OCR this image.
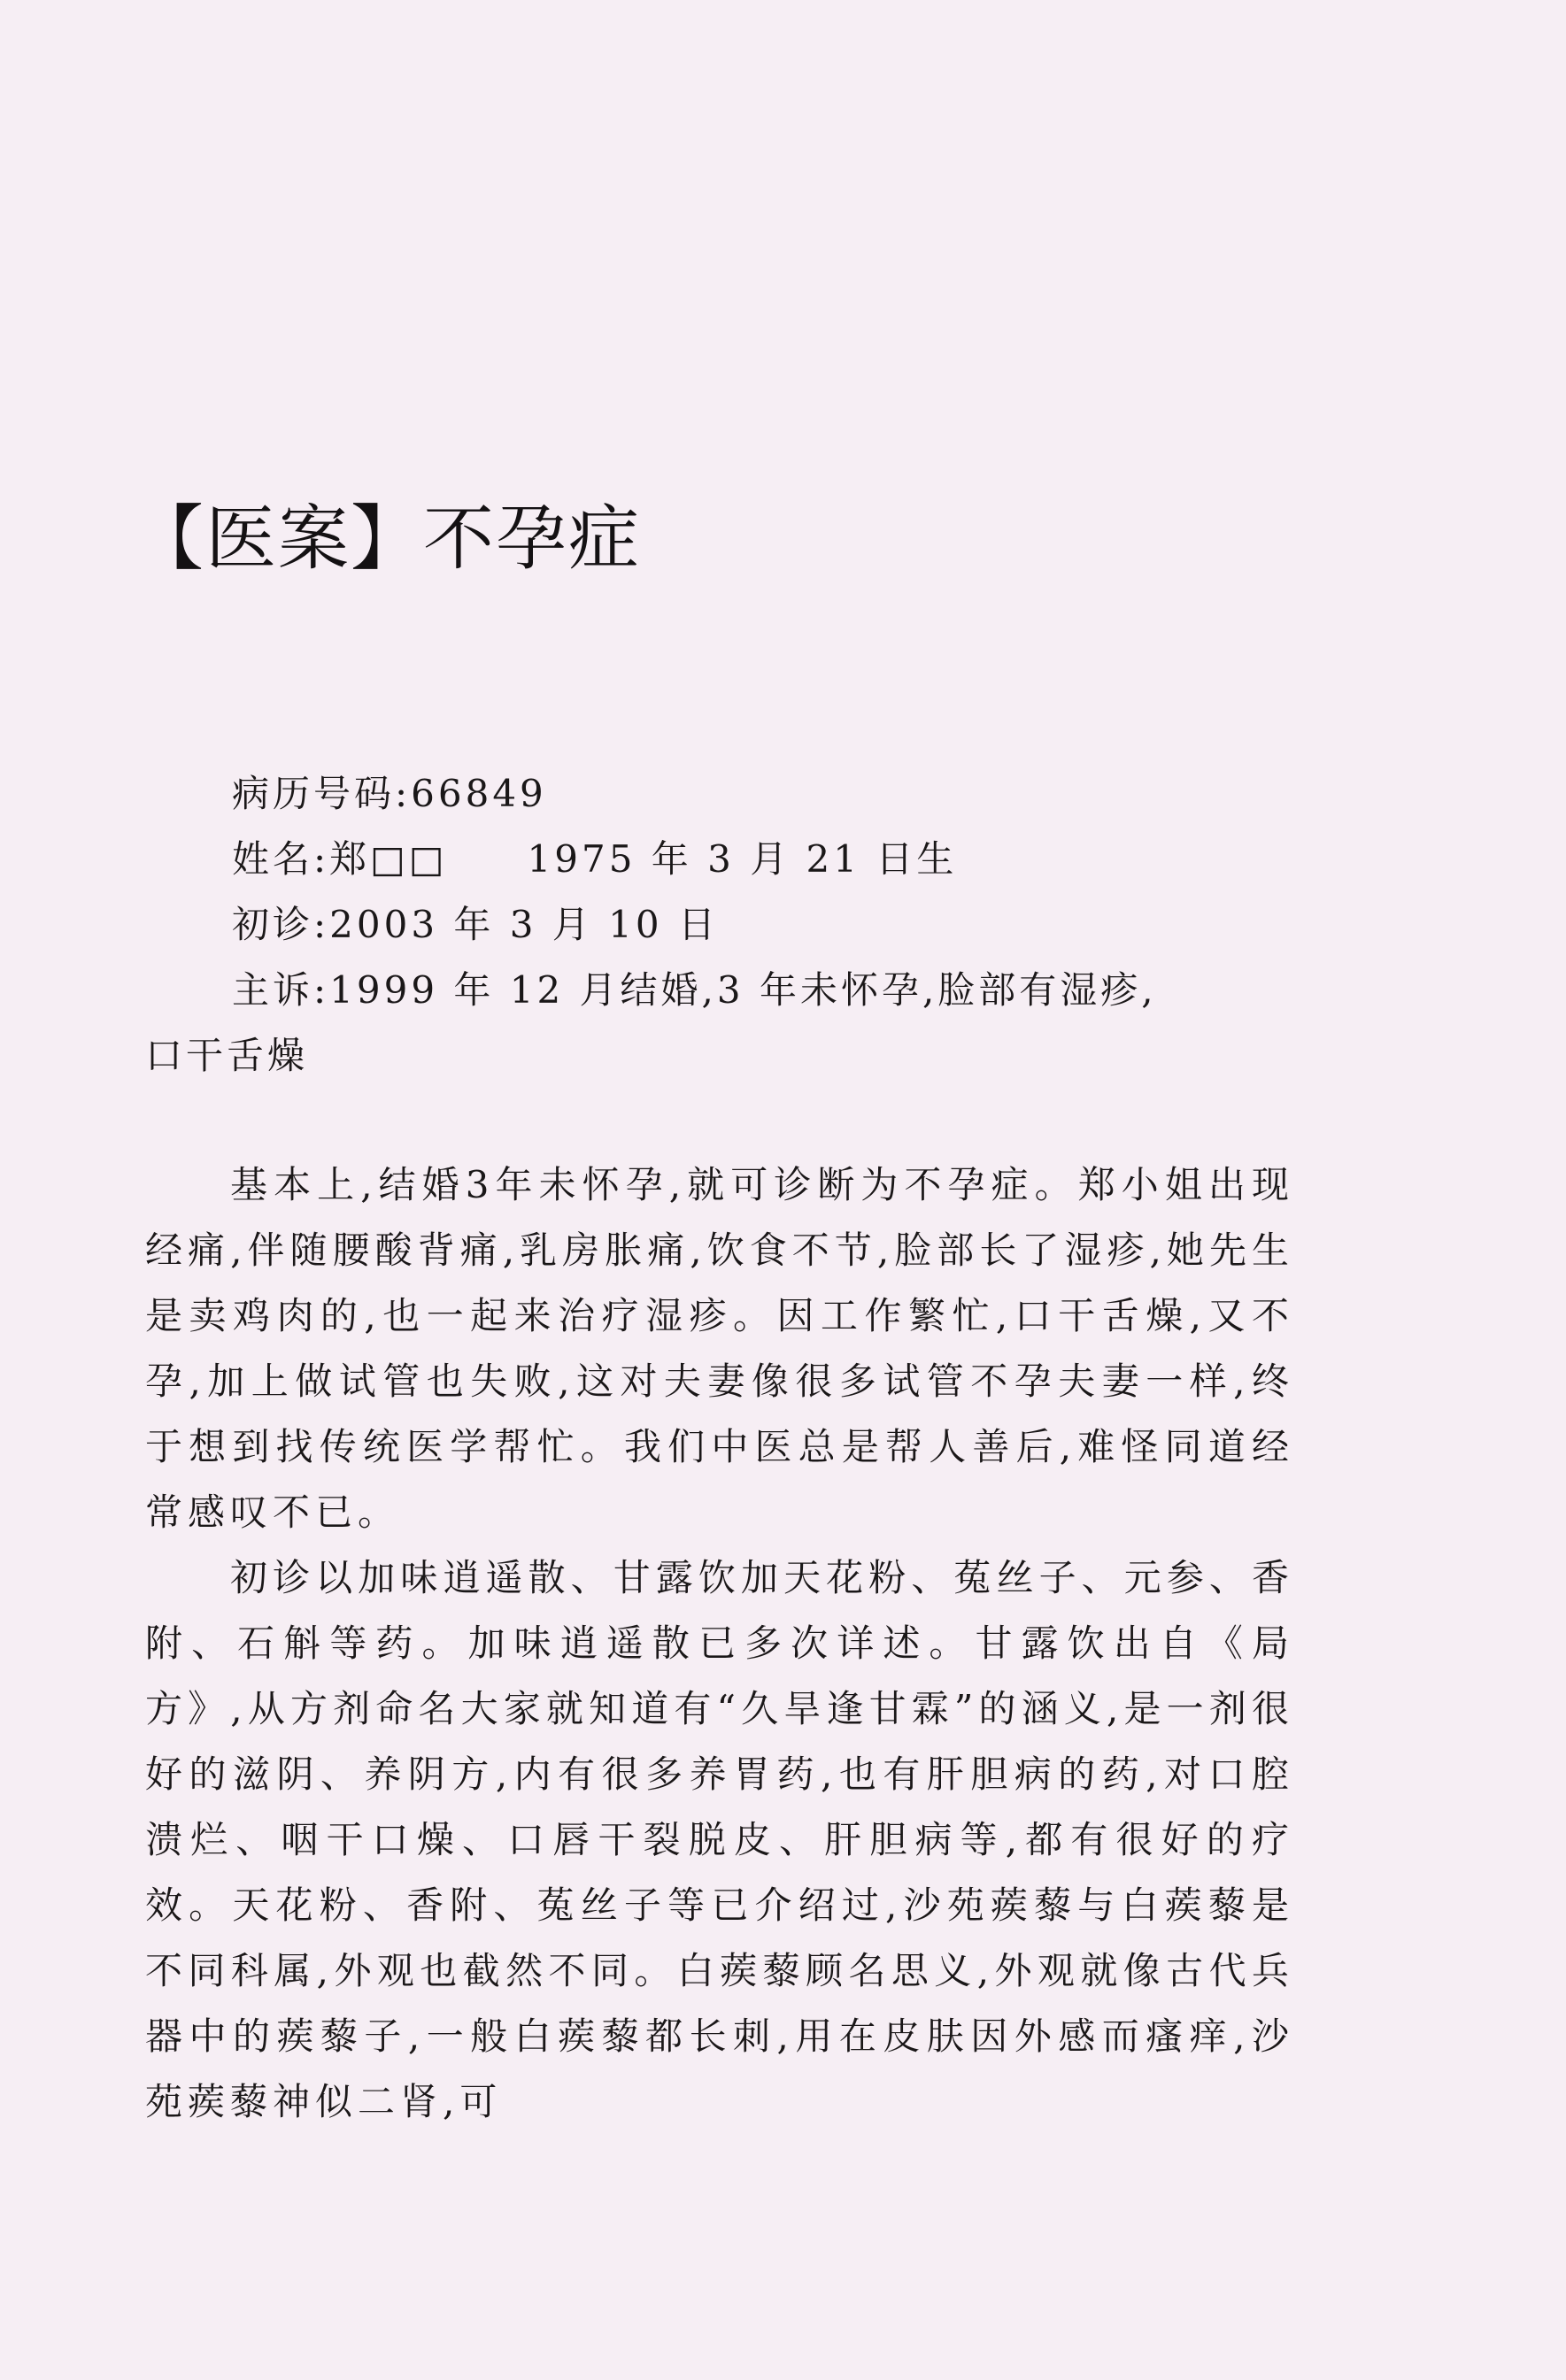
【医案】不孕症
病历号码:66849
姓名:郑□□ 1975 年 3 月 21 日生
初诊:2003 年 3 月 10 日
主诉:1999 年 12 月结婚,3 年未怀孕,脸部有湿疹,
口干舌燥

基本上,结婚3年未怀孕,就可诊断为不孕症。郑小姐出现经痛,伴随腰酸背痛,乳房胀痛,饮食不节,脸部长了湿疹,她先生是卖鸡肉的,也一起来治疗湿疹。因工作繁忙,口干舌燥,又不孕,加上做试管也失败,这对夫妻像很多试管不孕夫妻一样,终于想到找传统医学帮忙。我们中医总是帮人善后,难怪同道经常感叹不已。

初诊以加味逍遥散、甘露饮加天花粉、菟丝子、元参、香附、石斛等药。加味逍遥散已多次详述。甘露饮出自《局方》,从方剂命名大家就知道有“久旱逢甘霖”的涵义,是一剂很好的滋阴、养阴方,内有很多养胃药,也有肝胆病的药,对口腔溃烂、咽干口燥、口唇干裂脱皮、肝胆病等,都有很好的疗效。天花粉、香附、菟丝子等已介绍过,沙苑蒺藜与白蒺藜是不同科属,外观也截然不同。白蒺藜顾名思义,外观就像古代兵器中的蒺藜子,一般白蒺藜都长刺,用在皮肤因外感而瘙痒,沙苑蒺藜神似二肾,可
